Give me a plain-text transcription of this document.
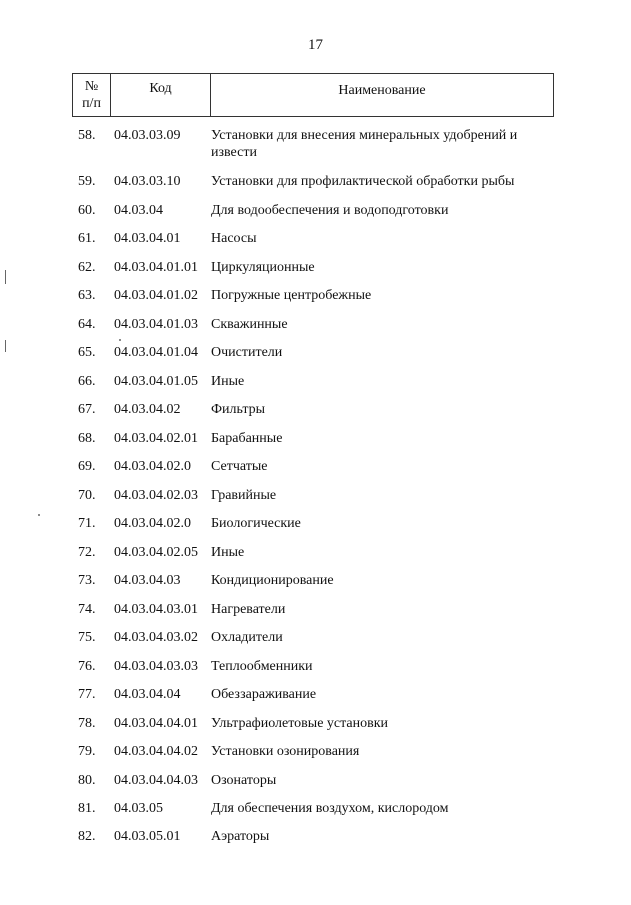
17
№
п/п
Код	Наименование
58. 04.03.03.09 Установки для внесения минеральных удобрений и извести
59. 04.03.03.10 Установки для профилактической обработки рыбы
60. 04.03.04	Для водообеспечения и водоподготовки
61. 04.03.04.01 Насосы
62. 04.03.04.01.01 Циркуляционные
63. 04.03.04.01.02 Погружные центробежные
64. 04.03.04.01.03 Скважинные
65. 04.03.04.01.04 Очистители
66. 04.03.04.01.05 Иные
67. 04.03.04.02 Фильтры
68. 04.03.04.02.01 Барабанные
69. 04.03.04.02.0 Сетчатые
70. 04.03.04.02.03 Гравийные
71. 04.03.04.02.0 Биологические
72. 04.03.04.02.05 Иные
73. 04.03.04.03 Кондиционирование
74. 04.03.04.03.01 Нагреватели
75. 04.03.04.03.02 Охладители
76. 04.03.04.03.03 Теплообменники
77. 04.03.04.04 Обеззараживание
78. 04.03.04.04.01 Ультрафиолетовые установки
79. 04.03.04.04.02 Установки озонирования
80. 04.03.04.04.03 Озонаторы
81. 04.03.05	Для обеспечения воздухом, кислородом
82. 04.03.05.01 Аэраторы
